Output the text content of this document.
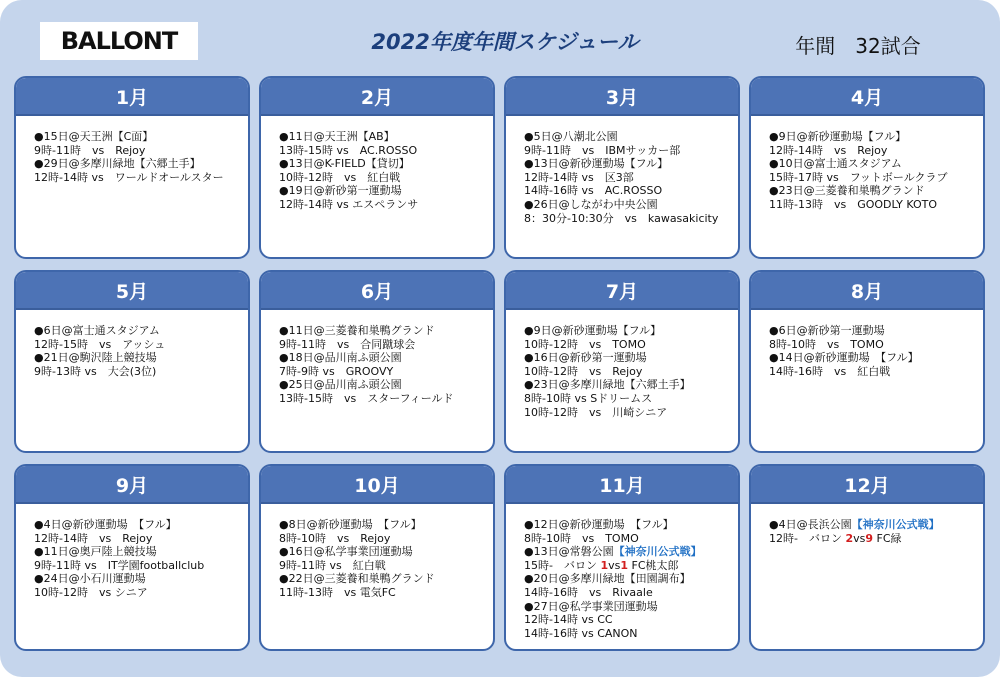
BALLONT	2022年度年間スケジュール	年間　32試合
1月
●15日@天王洲【C面】
9時-11時　vs　Rejoy
●29日@多摩川緑地【六郷土手】
12時-14時 vs　ワールドオールスター
2月
●11日@天王洲【AB】
13時-15時 vs　AC.ROSSO
●13日@K-FIELD【貸切】
10時-12時　vs　紅白戦
●19日@新砂第一運動場
12時-14時 vs エスペランサ
3月
●5日@八潮北公園
9時-11時　vs　IBMサッカー部
●13日@新砂運動場【フル】
12時-14時 vs　区3部
14時-16時 vs　AC.ROSSO
●26日@しながわ中央公園
8：30分-10:30分　vs　kawasakicity
4月
●9日@新砂運動場【フル】
12時-14時　vs　Rejoy
●10日@富士通スタジアム
15時-17時 vs　フットボールクラブ
●23日@三菱養和巣鴨グランド
11時-13時　vs　GOODLY KOTO
5月
●6日@富士通スタジアム
12時-15時　vs　アッシュ
●21日@駒沢陸上競技場
9時-13時 vs　大会(3位)
6月
●11日@三菱養和巣鴨グランド
9時-11時　vs　合同蹴球会
●18日@品川南ふ頭公園
7時-9時 vs　GROOVY
●25日@品川南ふ頭公園
13時-15時　vs　スターフィールド
7月
●9日@新砂運動場【フル】
10時-12時　vs　TOMO
●16日@新砂第一運動場
10時-12時　vs　Rejoy
●23日@多摩川緑地【六郷土手】
8時-10時 vs Sドリームス
10時-12時　vs　川崎シニア
8月
●6日@新砂第一運動場
8時-10時　vs　TOMO
●14日@新砂運動場　【フル】
14時-16時　vs　紅白戦
9月
●4日@新砂運動場　【フル】
12時-14時　vs　Rejoy
●11日@奥戸陸上競技場
9時-11時 vs　IT学園footballclub
●24日@小石川運動場
10時-12時　vs シニア
10月
●8日@新砂運動場　【フル】
8時-10時　vs　Rejoy
●16日@私学事業団運動場
9時-11時 vs　紅白戦
●22日@三菱養和巣鴨グランド
11時-13時　vs 電気FC
11月
●12日@新砂運動場　【フル】
8時-10時　vs　TOMO
●13日@常磐公園【神奈川公式戦】
15時-　バロン 1vs1 FC桃太郎
●20日@多摩川緑地【田園調布】
14時-16時　vs　Rivaale
●27日@私学事業団運動場
12時-14時 vs CC
14時-16時 vs CANON
12月
●4日@長浜公園【神奈川公式戦】
12時-　バロン 2vs9 FC緑
